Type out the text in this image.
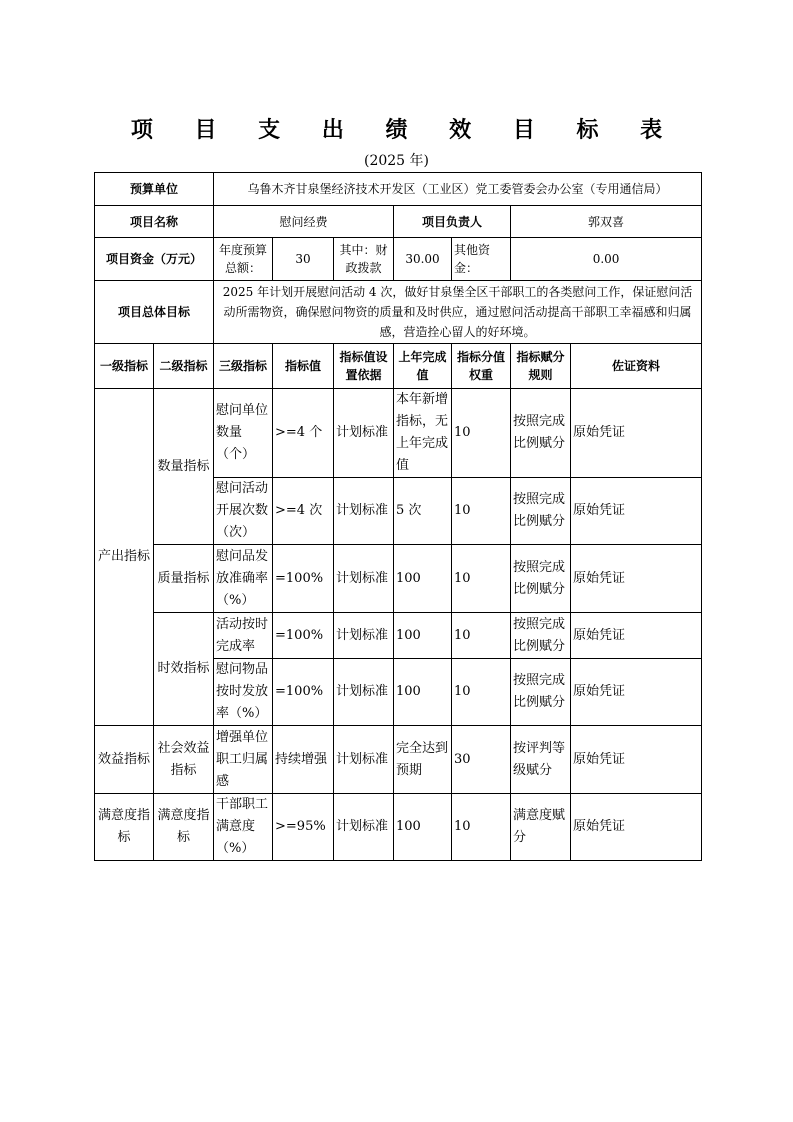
项 目 支 出 绩 效 目 标 表
(2025 年)
预算单位		乌鲁木齐甘泉堡经济技术开发区（工业区）党工委管委会办公室（专用通信局）						
项目名称		慰问经费			项目负责人		郭双喜	
项目资金（万元）		年度预算总额：	30	其中：财政拨款	30.00	其他资金：	0.00	
项目总体目标		2025 年计划开展慰问活动 4 次，做好甘泉堡全区干部职工的各类慰问工作，保证慰问活动所需物资，确保慰问物资的质量和及时供应，通过慰问活动提高干部职工幸福感和归属感，营造拴心留人的好环境。						
一级指标	二级指标	三级指标	指标值	指标值设置依据	上年完成值	指标分值权重	指标赋分规则	佐证资料
产出指标	数量指标	慰问单位数量（个）	>=4 个	计划标准	本年新增指标，无上年完成值	10	按照完成比例赋分	原始凭证
		慰问活动开展次数（次）	>=4 次	计划标准	5 次	10	按照完成比例赋分	原始凭证
	质量指标	慰问品发放准确率（%）	=100%	计划标准	100	10	按照完成比例赋分	原始凭证
	时效指标	活动按时完成率	=100%	计划标准	100	10	按照完成比例赋分	原始凭证
		慰问物品按时发放率（%）	=100%	计划标准	100	10	按照完成比例赋分	原始凭证
效益指标	社会效益指标	增强单位职工归属感	持续增强	计划标准	完全达到预期	30	按评判等级赋分	原始凭证
满意度指标	满意度指标	干部职工满意度（%）	>=95%	计划标准	100	10	满意度赋分	原始凭证
